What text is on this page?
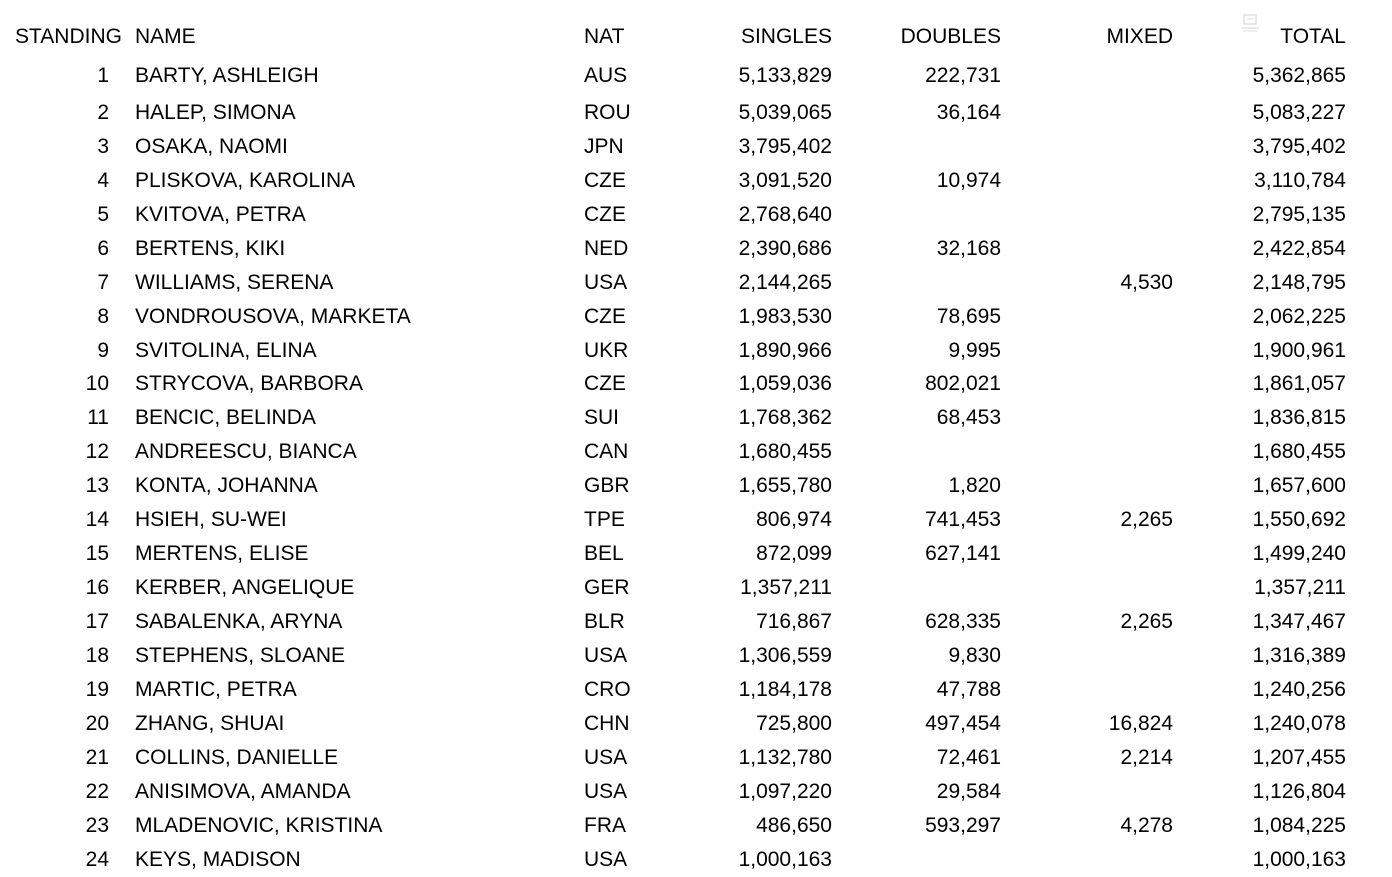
STANDING	NAME	NAT	SINGLES	DOUBLES	MIXED	TOTAL	
1	BARTY, ASHLEIGH	AUS	5,133,829	222,731		5,362,865	
2	HALEP, SIMONA	ROU	5,039,065	36,164		5,083,227	
3	OSAKA, NAOMI	JPN	3,795,402			3,795,402	
4	PLISKOVA, KAROLINA	CZE	3,091,520	10,974		3,110,784	
5	KVITOVA, PETRA	CZE	2,768,640			2,795,135	
6	BERTENS, KIKI	NED	2,390,686	32,168		2,422,854	
7	WILLIAMS, SERENA	USA	2,144,265		4,530	2,148,795	
8	VONDROUSOVA, MARKETA	CZE	1,983,530	78,695		2,062,225	
9	SVITOLINA, ELINA	UKR	1,890,966	9,995		1,900,961	
10	STRYCOVA, BARBORA	CZE	1,059,036	802,021		1,861,057	
11	BENCIC, BELINDA	SUI	1,768,362	68,453		1,836,815	
12	ANDREESCU, BIANCA	CAN	1,680,455			1,680,455	
13	KONTA, JOHANNA	GBR	1,655,780	1,820		1,657,600	
14	HSIEH, SU-WEI	TPE	806,974	741,453	2,265	1,550,692	
15	MERTENS, ELISE	BEL	872,099	627,141		1,499,240	
16	KERBER, ANGELIQUE	GER	1,357,211			1,357,211	
17	SABALENKA, ARYNA	BLR	716,867	628,335	2,265	1,347,467	
18	STEPHENS, SLOANE	USA	1,306,559	9,830		1,316,389	
19	MARTIC, PETRA	CRO	1,184,178	47,788		1,240,256	
20	ZHANG, SHUAI	CHN	725,800	497,454	16,824	1,240,078	
21	COLLINS, DANIELLE	USA	1,132,780	72,461	2,214	1,207,455	
22	ANISIMOVA, AMANDA	USA	1,097,220	29,584		1,126,804	
23	MLADENOVIC, KRISTINA	FRA	486,650	593,297	4,278	1,084,225	
24	KEYS, MADISON	USA	1,000,163			1,000,163	
